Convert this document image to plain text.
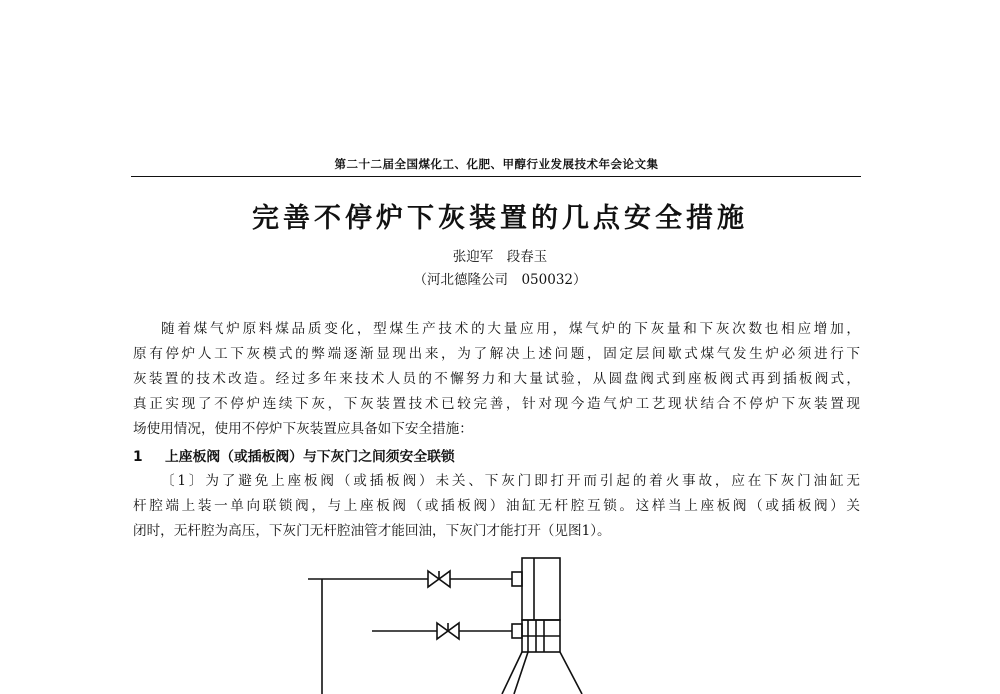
第二十二届全国煤化工、化肥、甲醇行业发展技术年会论文集
完善不停炉下灰装置的几点安全措施
张迎军　段春玉
（河北德隆公司　050032）
随着煤气炉原料煤品质变化，型煤生产技术的大量应用，煤气炉的下灰量和下灰次数也相应增加，
原有停炉人工下灰模式的弊端逐渐显现出来，为了解决上述问题，固定层间歇式煤气发生炉必须进行下
灰装置的技术改造。经过多年来技术人员的不懈努力和大量试验，从圆盘阀式到座板阀式再到插板阀式，
真正实现了不停炉连续下灰，下灰装置技术已较完善，针对现今造气炉工艺现状结合不停炉下灰装置现
场使用情况，使用不停炉下灰装置应具备如下安全措施：
1 上座板阀（或插板阀）与下灰门之间须安全联锁
〔1〕为了避免上座板阀（或插板阀）未关、下灰门即打开而引起的着火事故，应在下灰门油缸无
杆腔端上装一单向联锁阀，与上座板阀（或插板阀）油缸无杆腔互锁。这样当上座板阀（或插板阀）关
闭时，无杆腔为高压，下灰门无杆腔油管才能回油，下灰门才能打开（见图1）。
